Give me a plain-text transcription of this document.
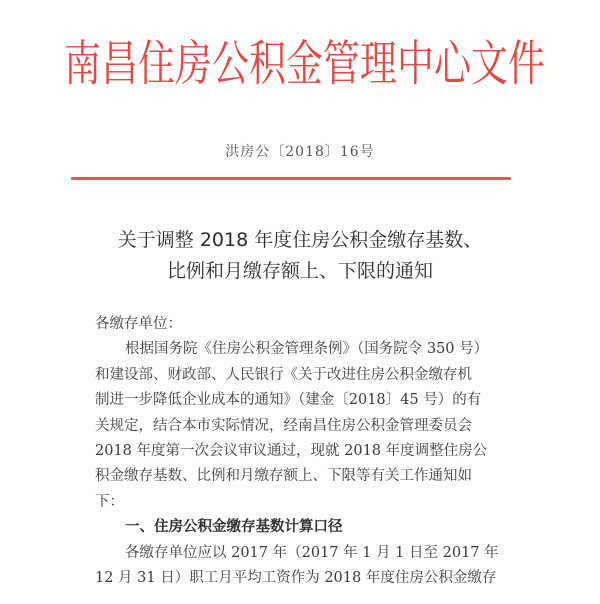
南昌住房公积金管理中心文件
洪房公〔2018〕16号
关于调整 2018 年度住房公积金缴存基数、
比例和月缴存额上、下限的通知
各缴存单位：
根据国务院《住房公积金管理条例》（国务院令 350 号）
和建设部、财政部、人民银行《关于改进住房公积金缴存机
制进一步降低企业成本的通知》（建金〔2018〕45 号）的有
关规定，结合本市实际情况，经南昌住房公积金管理委员会
2018 年度第一次会议审议通过，现就 2018 年度调整住房公
积金缴存基数、比例和月缴存额上、下限等有关工作通知如
下：
一、住房公积金缴存基数计算口径
各缴存单位应以 2017 年（2017 年 1 月 1 日至 2017 年
12 月 31 日）职工月平均工资作为 2018 年度住房公积金缴存
